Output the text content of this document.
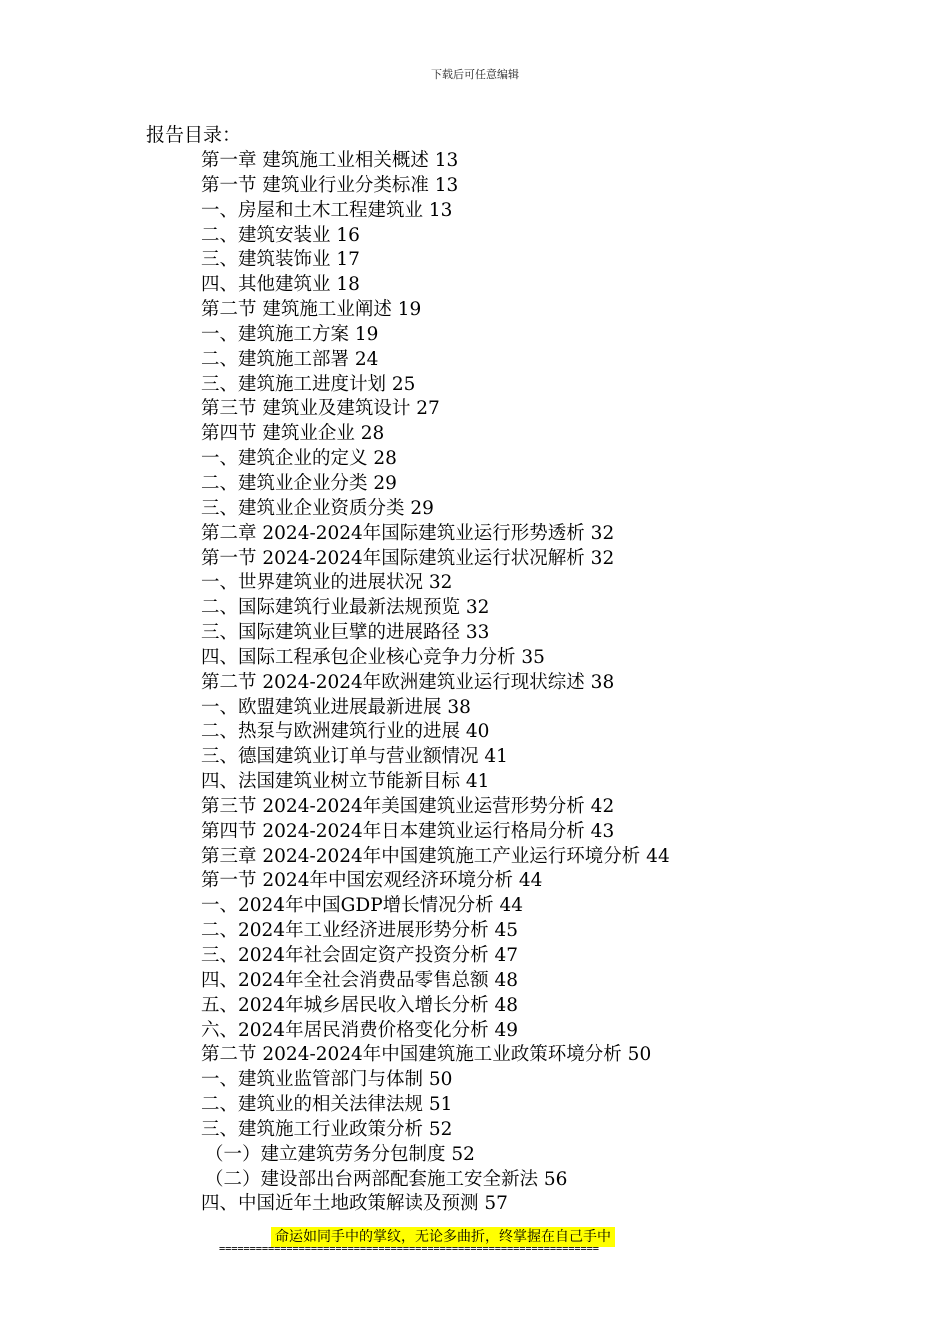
下载后可任意编辑
报告目录：
第一章 建筑施工业相关概述 13
第一节 建筑业行业分类标准 13
一、房屋和土木工程建筑业 13
二、建筑安装业 16
三、建筑装饰业 17
四、其他建筑业 18
第二节 建筑施工业阐述 19
一、建筑施工方案 19
二、建筑施工部署 24
三、建筑施工进度计划 25
第三节 建筑业及建筑设计 27
第四节 建筑业企业 28
一、建筑企业的定义 28
二、建筑业企业分类 29
三、建筑业企业资质分类 29
第二章 2024-2024年国际建筑业运行形势透析 32
第一节 2024-2024年国际建筑业运行状况解析 32
一、世界建筑业的进展状况 32
二、国际建筑行业最新法规预览 32
三、国际建筑业巨擘的进展路径 33
四、国际工程承包企业核心竞争力分析 35
第二节 2024-2024年欧洲建筑业运行现状综述 38
一、欧盟建筑业进展最新进展 38
二、热泵与欧洲建筑行业的进展 40
三、德国建筑业订单与营业额情况 41
四、法国建筑业树立节能新目标 41
第三节 2024-2024年美国建筑业运营形势分析 42
第四节 2024-2024年日本建筑业运行格局分析 43
第三章 2024-2024年中国建筑施工产业运行环境分析 44
第一节 2024年中国宏观经济环境分析 44
一、2024年中国GDP增长情况分析 44
二、2024年工业经济进展形势分析 45
三、2024年社会固定资产投资分析 47
四、2024年全社会消费品零售总额 48
五、2024年城乡居民收入增长分析 48
六、2024年居民消费价格变化分析 49
第二节 2024-2024年中国建筑施工业政策环境分析 50
一、建筑业监管部门与体制 50
二、建筑业的相关法律法规 51
三、建筑施工行业政策分析 52
（一）建立建筑劳务分包制度 52
（二）建设部出台两部配套施工安全新法 56
四、中国近年土地政策解读及预测 57
命运如同手中的掌纹，无论多曲折，终掌握在自己手中
==============================================================
